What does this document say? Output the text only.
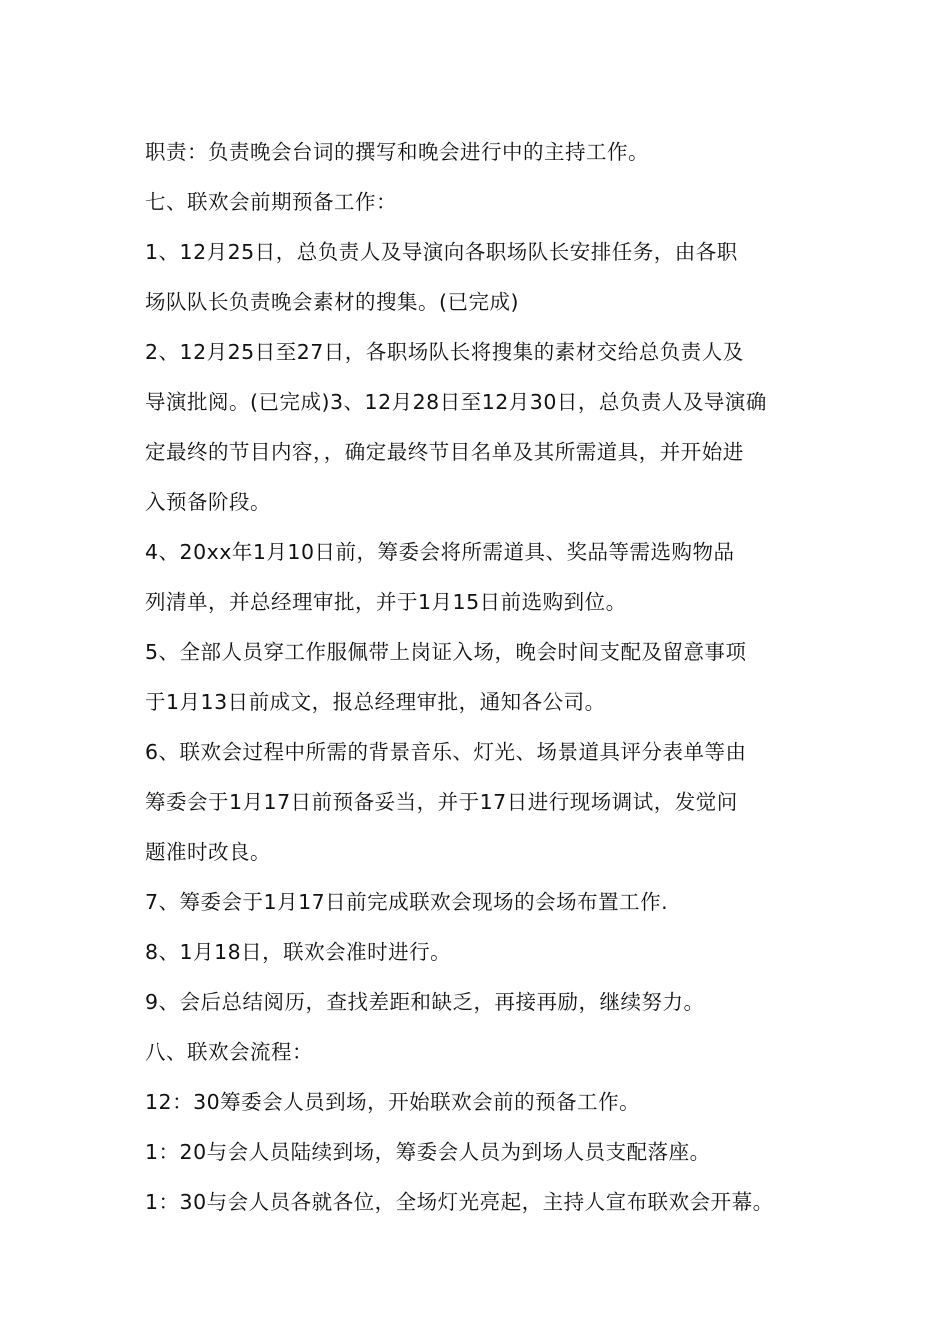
职责：负责晚会台词的撰写和晚会进行中的主持工作。
七、联欢会前期预备工作：
1、12月25日，总负责人及导演向各职场队长安排任务，由各职
场队队长负责晚会素材的搜集。(已完成)
2、12月25日至27日，各职场队长将搜集的素材交给总负责人及
导演批阅。(已完成)3、12月28日至12月30日，总负责人及导演确
定最终的节目内容，，确定最终节目名单及其所需道具，并开始进
入预备阶段。
4、20xx年1月10日前，筹委会将所需道具、奖品等需选购物品
列清单，并总经理审批，并于1月15日前选购到位。
5、全部人员穿工作服佩带上岗证入场，晚会时间支配及留意事项
于1月13日前成文，报总经理审批，通知各公司。
6、联欢会过程中所需的背景音乐、灯光、场景道具评分表单等由
筹委会于1月17日前预备妥当，并于17日进行现场调试，发觉问
题准时改良。
7、筹委会于1月17日前完成联欢会现场的会场布置工作.
8、1月18日，联欢会准时进行。
9、会后总结阅历，查找差距和缺乏，再接再励，继续努力。
八、联欢会流程：
12：30筹委会人员到场，开始联欢会前的预备工作。
1：20与会人员陆续到场，筹委会人员为到场人员支配落座。
1：30与会人员各就各位，全场灯光亮起，主持人宣布联欢会开幕。
